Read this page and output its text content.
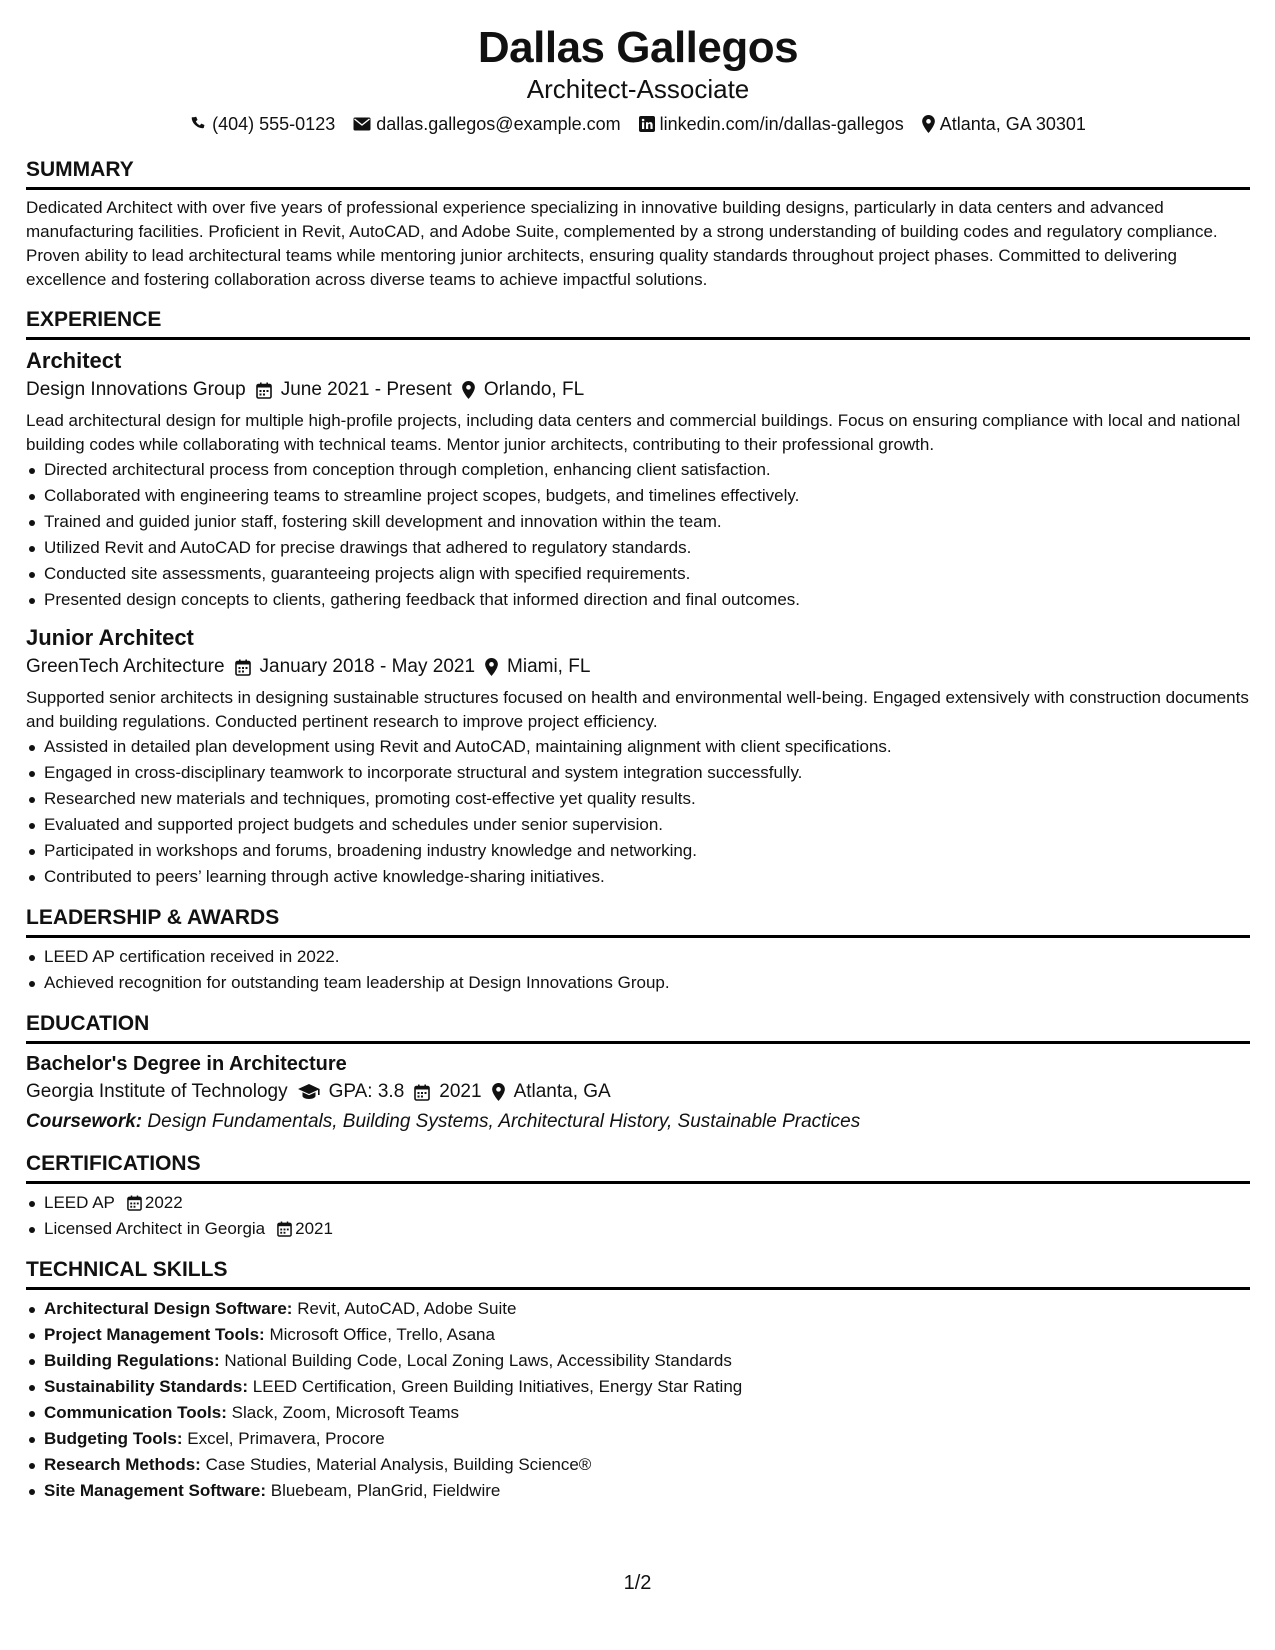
Dallas Gallegos
Architect-Associate
(404) 555-0123 dallas.gallegos@example.com linkedin.com/in/dallas-gallegos Atlanta, GA 30301
SUMMARY
Dedicated Architect with over five years of professional experience specializing in innovative building designs, particularly in data centers and advanced manufacturing facilities. Proficient in Revit, AutoCAD, and Adobe Suite, complemented by a strong understanding of building codes and regulatory compliance. Proven ability to lead architectural teams while mentoring junior architects, ensuring quality standards throughout project phases. Committed to delivering excellence and fostering collaboration across diverse teams to achieve impactful solutions.
EXPERIENCE
Architect
Design Innovations Group June 2021 - Present Orlando, FL
Lead architectural design for multiple high-profile projects, including data centers and commercial buildings. Focus on ensuring compliance with local and national building codes while collaborating with technical teams. Mentor junior architects, contributing to their professional growth.
Directed architectural process from conception through completion, enhancing client satisfaction.
Collaborated with engineering teams to streamline project scopes, budgets, and timelines effectively.
Trained and guided junior staff, fostering skill development and innovation within the team.
Utilized Revit and AutoCAD for precise drawings that adhered to regulatory standards.
Conducted site assessments, guaranteeing projects align with specified requirements.
Presented design concepts to clients, gathering feedback that informed direction and final outcomes.
Junior Architect
GreenTech Architecture January 2018 - May 2021 Miami, FL
Supported senior architects in designing sustainable structures focused on health and environmental well-being. Engaged extensively with construction documents and building regulations. Conducted pertinent research to improve project efficiency.
Assisted in detailed plan development using Revit and AutoCAD, maintaining alignment with client specifications.
Engaged in cross-disciplinary teamwork to incorporate structural and system integration successfully.
Researched new materials and techniques, promoting cost-effective yet quality results.
Evaluated and supported project budgets and schedules under senior supervision.
Participated in workshops and forums, broadening industry knowledge and networking.
Contributed to peers’ learning through active knowledge-sharing initiatives.
LEADERSHIP & AWARDS
LEED AP certification received in 2022.
Achieved recognition for outstanding team leadership at Design Innovations Group.
EDUCATION
Bachelor's Degree in Architecture
Georgia Institute of Technology GPA: 3.8 2021 Atlanta, GA
Coursework: Design Fundamentals, Building Systems, Architectural History, Sustainable Practices
CERTIFICATIONS
LEED AP 2022
Licensed Architect in Georgia 2021
TECHNICAL SKILLS
Architectural Design Software: Revit, AutoCAD, Adobe Suite
Project Management Tools: Microsoft Office, Trello, Asana
Building Regulations: National Building Code, Local Zoning Laws, Accessibility Standards
Sustainability Standards: LEED Certification, Green Building Initiatives, Energy Star Rating
Communication Tools: Slack, Zoom, Microsoft Teams
Budgeting Tools: Excel, Primavera, Procore
Research Methods: Case Studies, Material Analysis, Building Science®
Site Management Software: Bluebeam, PlanGrid, Fieldwire
1/2
